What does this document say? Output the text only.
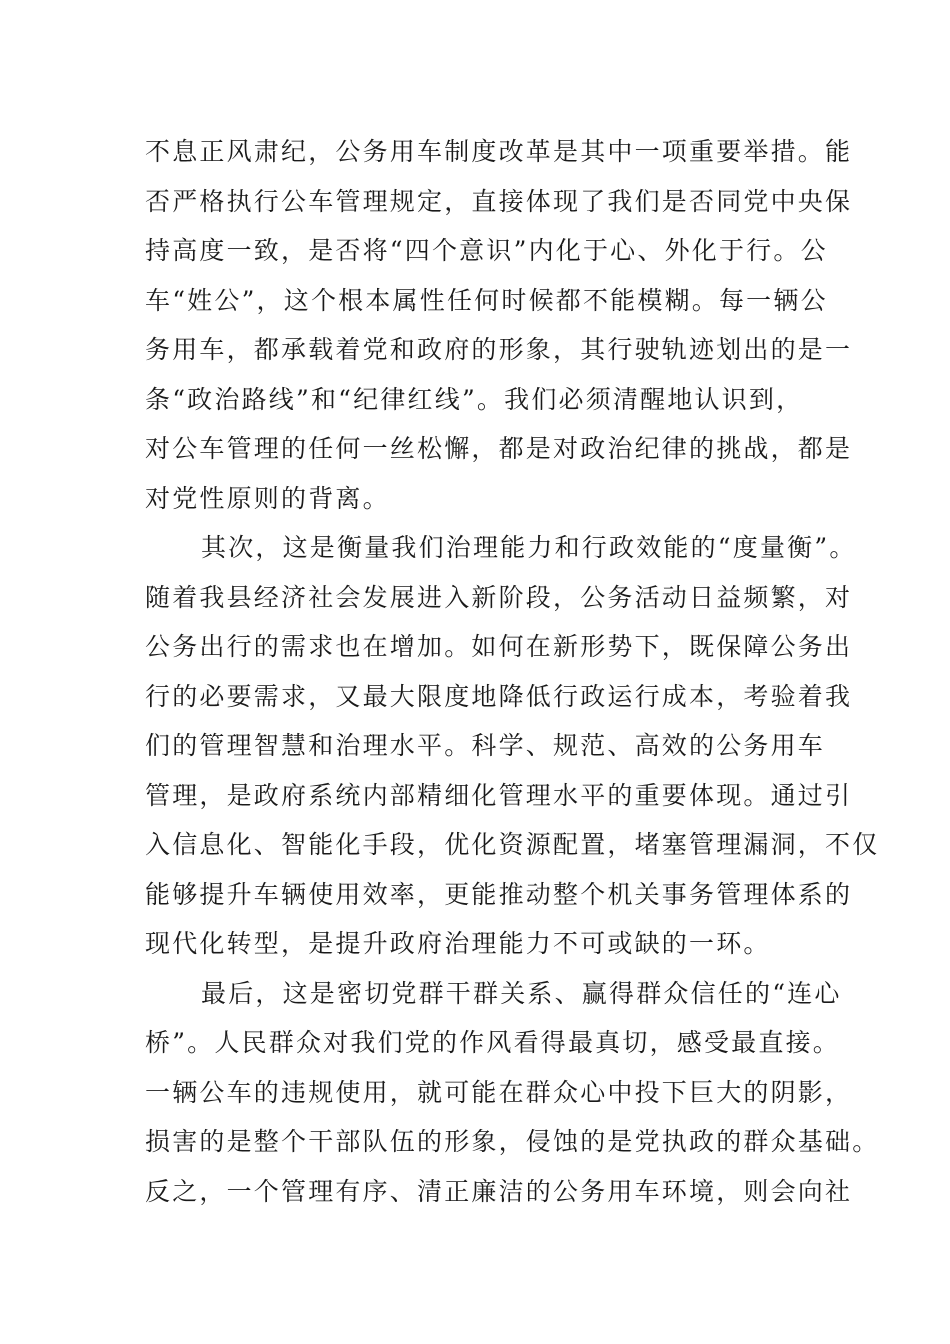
不息正风肃纪，公务用车制度改革是其中一项重要举措。能
否严格执行公车管理规定，直接体现了我们是否同党中央保
持高度一致，是否将“四个意识”内化于心、外化于行。公
车“姓公”，这个根本属性任何时候都不能模糊。每一辆公
务用车，都承载着党和政府的形象，其行驶轨迹划出的是一
条“政治路线”和“纪律红线”。我们必须清醒地认识到，
对公车管理的任何一丝松懈，都是对政治纪律的挑战，都是
对党性原则的背离。
其次，这是衡量我们治理能力和行政效能的“度量衡”。
随着我县经济社会发展进入新阶段，公务活动日益频繁，对
公务出行的需求也在增加。如何在新形势下，既保障公务出
行的必要需求，又最大限度地降低行政运行成本，考验着我
们的管理智慧和治理水平。科学、规范、高效的公务用车
管理，是政府系统内部精细化管理水平的重要体现。通过引
入信息化、智能化手段，优化资源配置，堵塞管理漏洞，不仅
能够提升车辆使用效率，更能推动整个机关事务管理体系的
现代化转型，是提升政府治理能力不可或缺的一环。
最后，这是密切党群干群关系、赢得群众信任的“连心
桥”。人民群众对我们党的作风看得最真切，感受最直接。
一辆公车的违规使用，就可能在群众心中投下巨大的阴影，
损害的是整个干部队伍的形象，侵蚀的是党执政的群众基础。
反之，一个管理有序、清正廉洁的公务用车环境，则会向社
